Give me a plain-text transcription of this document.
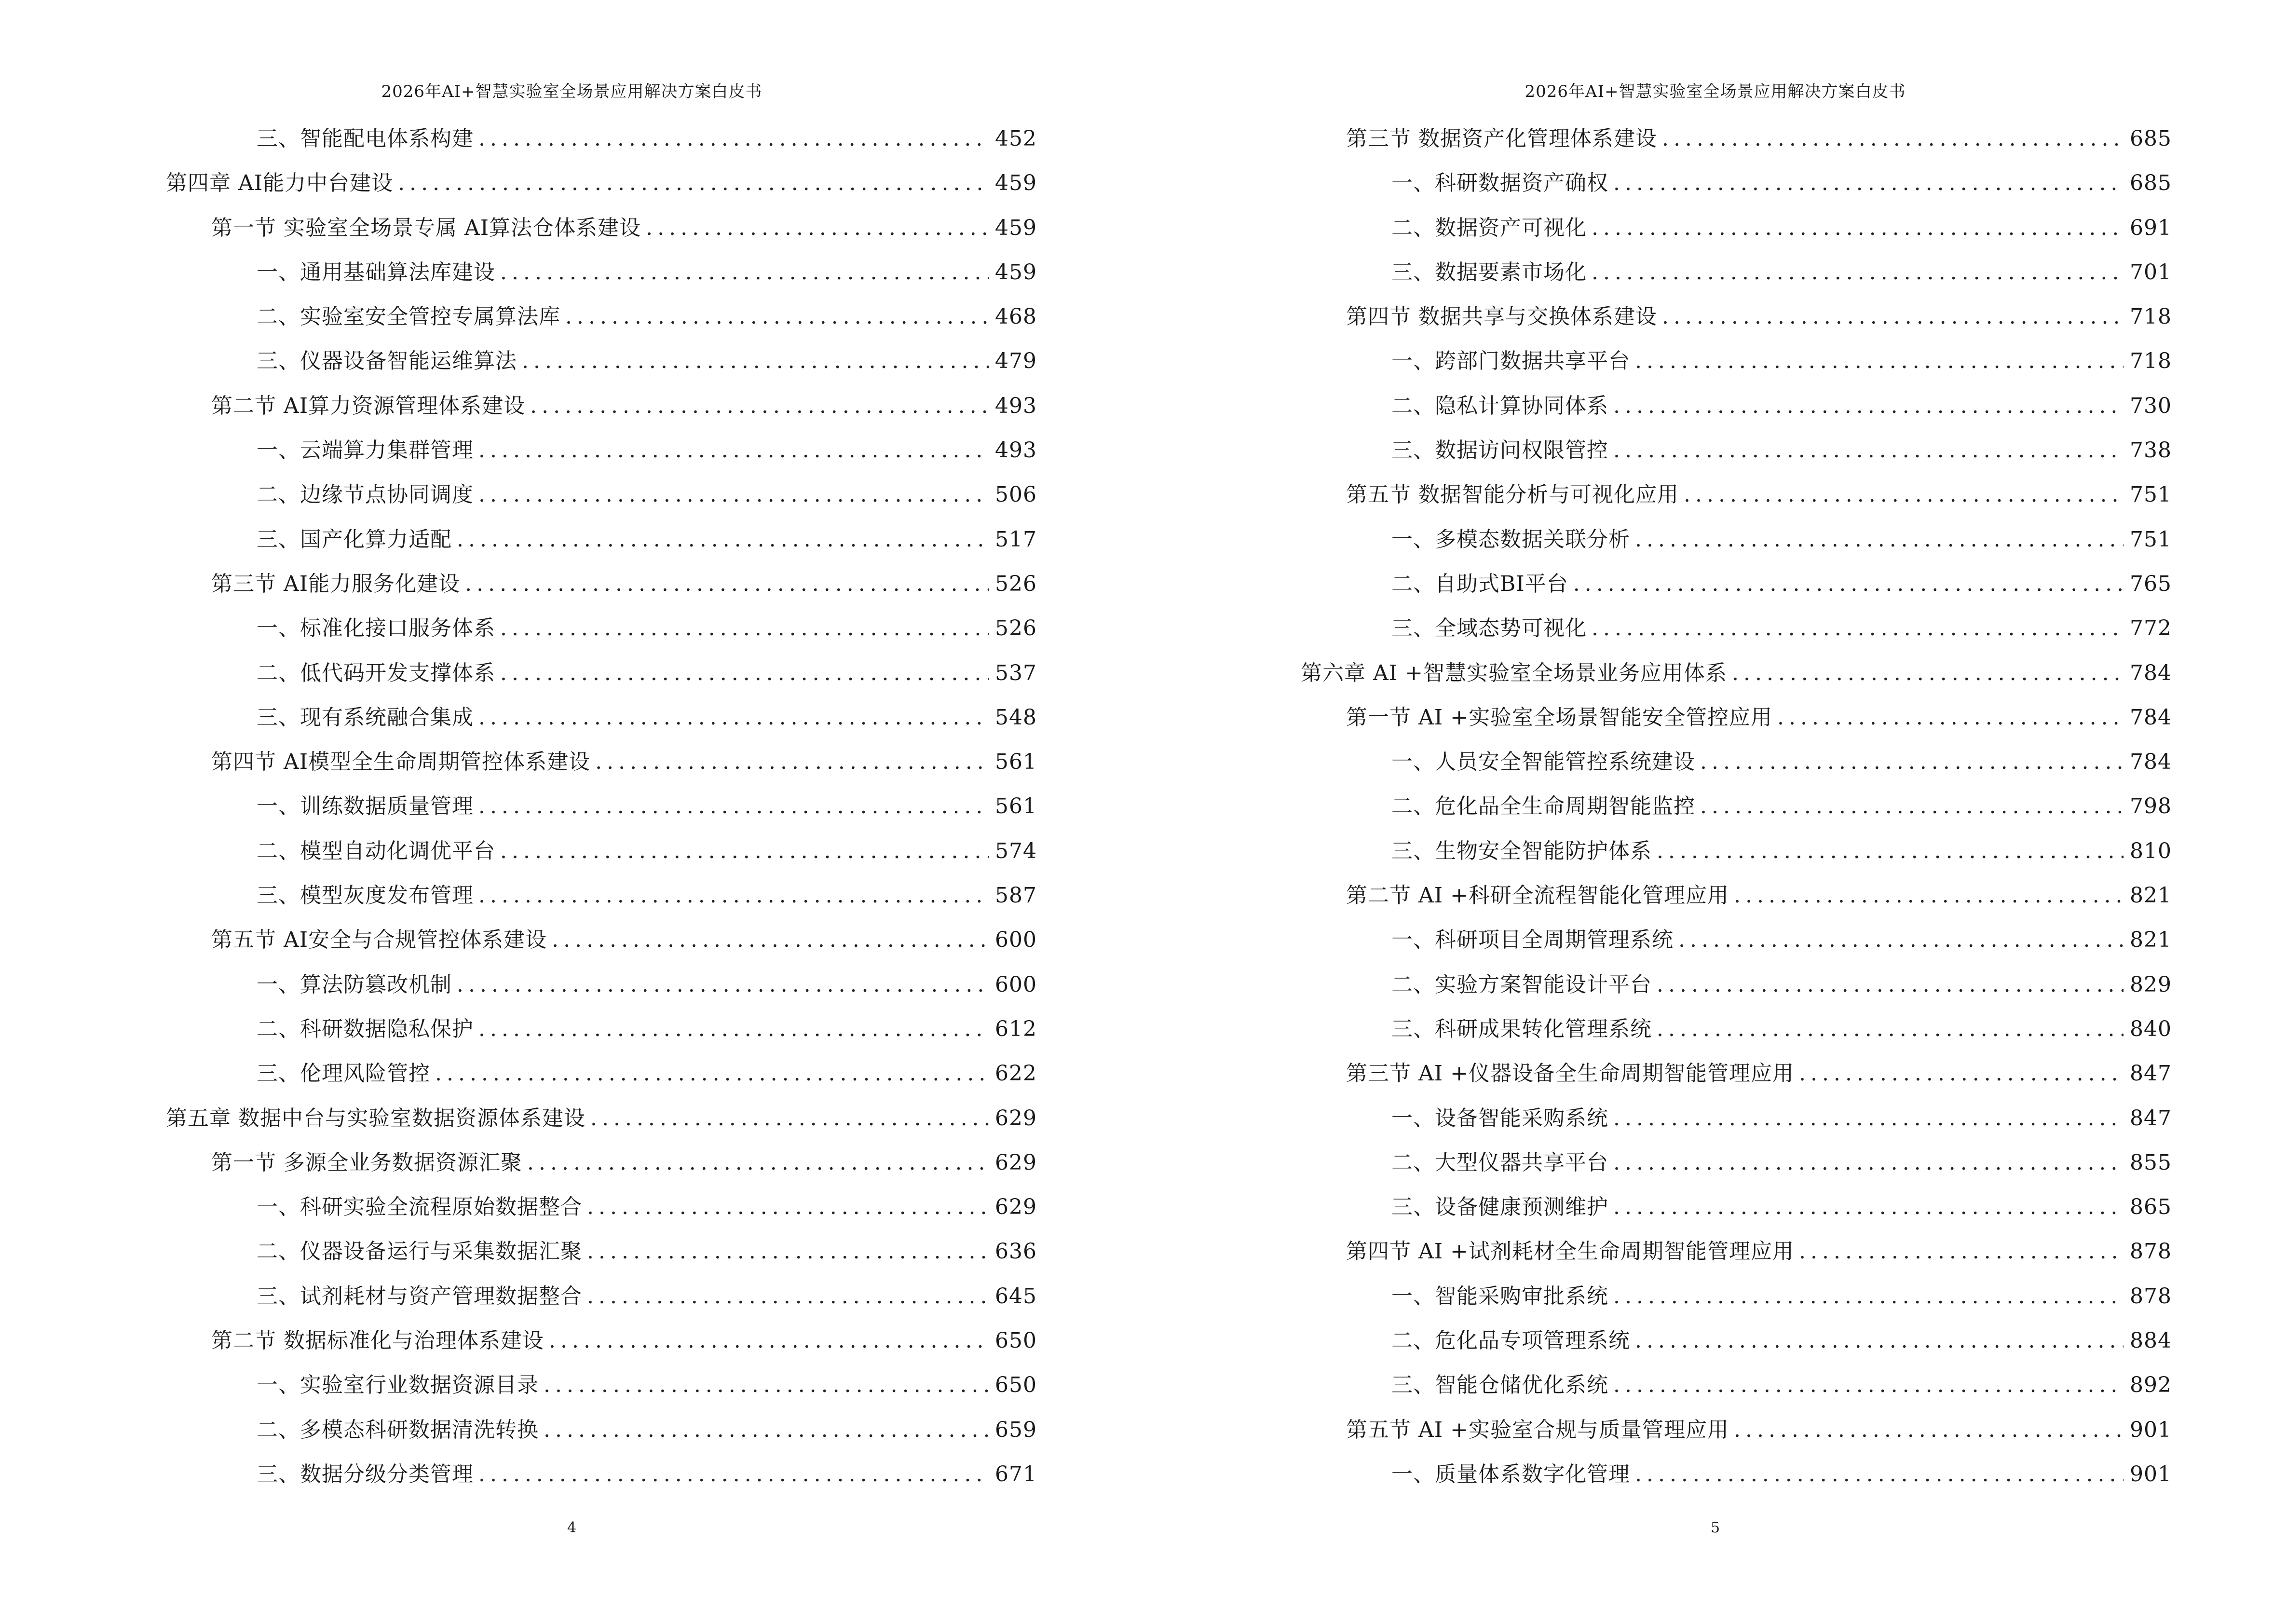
2026年AI+智慧实验室全场景应用解决方案白皮书
三、智能配电体系构建 .....	452
第四章 AI能力中台建设 .....	459
第一节 实验室全场景专属 AI算法仓体系建设 .....	459
一、通用基础算法库建设 .....	459
二、实验室安全管控专属算法库 .....	468
三、仪器设备智能运维算法 .....	479
第二节 AI算力资源管理体系建设 .....	493
一、云端算力集群管理 .....	493
二、边缘节点协同调度 .....	506
三、国产化算力适配 .....	517
第三节 AI能力服务化建设 .....	526
一、标准化接口服务体系 .....	526
二、低代码开发支撑体系 .....	537
三、现有系统融合集成 .....	548
第四节 AI模型全生命周期管控体系建设 .....	561
一、训练数据质量管理 .....	561
二、模型自动化调优平台 .....	574
三、模型灰度发布管理 .....	587
第五节 AI安全与合规管控体系建设 .....	600
一、算法防篡改机制 .....	600
二、科研数据隐私保护 .....	612
三、伦理风险管控 .....	622
第五章 数据中台与实验室数据资源体系建设 .....	629
第一节 多源全业务数据资源汇聚 .....	629
一、科研实验全流程原始数据整合 .....	629
二、仪器设备运行与采集数据汇聚 .....	636
三、试剂耗材与资产管理数据整合 .....	645
第二节 数据标准化与治理体系建设 .....	650
一、实验室行业数据资源目录 .....	650
二、多模态科研数据清洗转换 .....	659
三、数据分级分类管理 .....	671
4
2026年AI+智慧实验室全场景应用解决方案白皮书
第三节 数据资产化管理体系建设 .....	685
一、科研数据资产确权 .....	685
二、数据资产可视化 .....	691
三、数据要素市场化 .....	701
第四节 数据共享与交换体系建设 .....	718
一、跨部门数据共享平台 .....	718
二、隐私计算协同体系 .....	730
三、数据访问权限管控 .....	738
第五节 数据智能分析与可视化应用 .....	751
一、多模态数据关联分析 .....	751
二、自助式BI平台 .....	765
三、全域态势可视化 .....	772
第六章 AI +智慧实验室全场景业务应用体系 .....	784
第一节 AI +实验室全场景智能安全管控应用 .....	784
一、人员安全智能管控系统建设 .....	784
二、危化品全生命周期智能监控 .....	798
三、生物安全智能防护体系 .....	810
第二节 AI +科研全流程智能化管理应用 .....	821
一、科研项目全周期管理系统 .....	821
二、实验方案智能设计平台 .....	829
三、科研成果转化管理系统 .....	840
第三节 AI +仪器设备全生命周期智能管理应用 .....	847
一、设备智能采购系统 .....	847
二、大型仪器共享平台 .....	855
三、设备健康预测维护 .....	865
第四节 AI +试剂耗材全生命周期智能管理应用 .....	878
一、智能采购审批系统 .....	878
二、危化品专项管理系统 .....	884
三、智能仓储优化系统 .....	892
第五节 AI +实验室合规与质量管理应用 .....	901
一、质量体系数字化管理 .....	901
5
